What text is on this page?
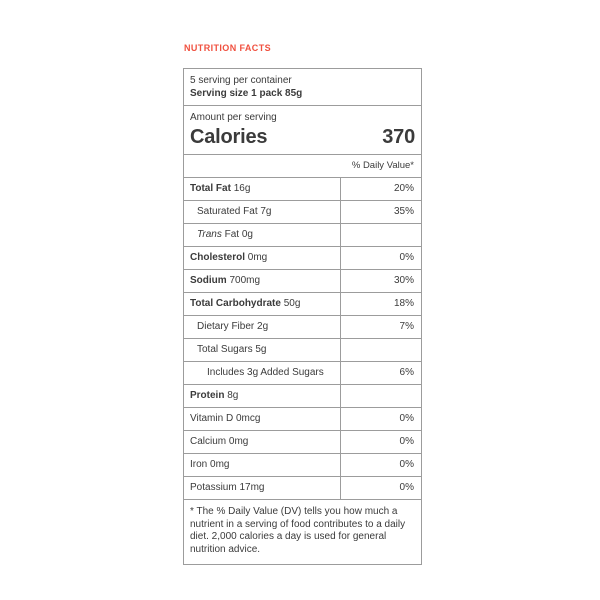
NUTRITION FACTS
5 serving per container
Serving size 1 pack 85g
Amount per serving
Calories	370
% Daily Value*
Total Fat 16g	20%
Saturated Fat 7g	35%
Trans Fat 0g
Cholesterol 0mg	0%
Sodium 700mg	30%
Total Carbohydrate 50g	18%
Dietary Fiber 2g	7%
Total Sugars 5g
Includes 3g Added Sugars	6%
Protein 8g
Vitamin D 0mcg	0%
Calcium 0mg	0%
Iron 0mg	0%
Potassium 17mg	0%
* The % Daily Value (DV) tells you how much a nutrient in a serving of food contributes to a daily diet. 2,000 calories a day is used for general nutrition advice.
